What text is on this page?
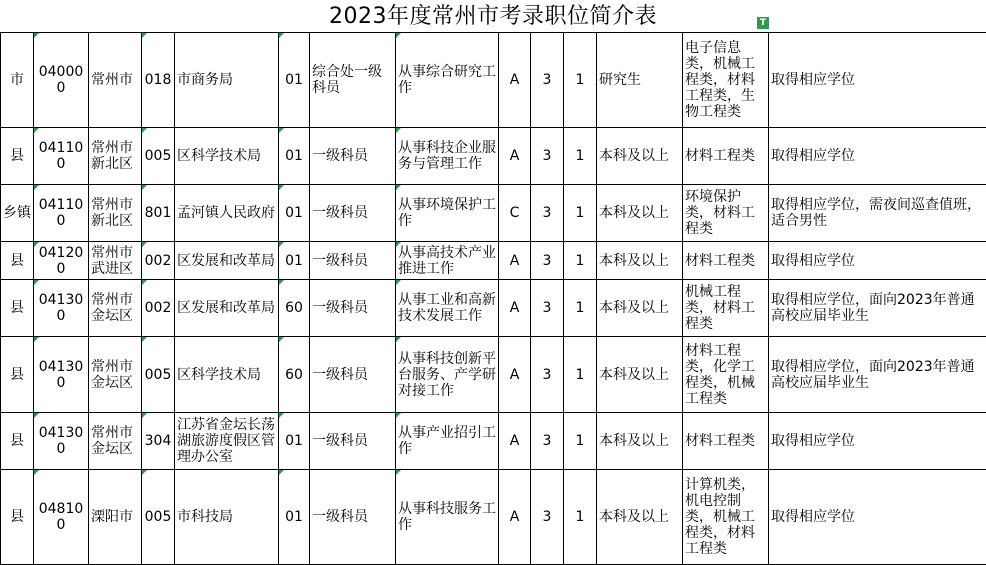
2023年度常州市考录职位简介表	T
市	040000	常州市	018	市商务局	01	综合处一级科员	从事综合研究工作	A	3	1	研究生	电子信息类，机械工程类，材料工程类，生物工程类	取得相应学位
县	041100	常州市新北区	005	区科学技术局	01	一级科员	从事科技企业服务与管理工作	A	3	1	本科及以上	材料工程类	取得相应学位
乡镇	041100	常州市新北区	801	孟河镇人民政府	01	一级科员	从事环境保护工作	C	3	1	本科及以上	环境保护类，材料工程类	取得相应学位，需夜间巡查值班，适合男性
县	041200	常州市武进区	002	区发展和改革局	01	一级科员	从事高技术产业推进工作	A	3	1	本科及以上	材料工程类	取得相应学位
县	041300	常州市金坛区	002	区发展和改革局	60	一级科员	从事工业和高新技术发展工作	A	3	1	本科及以上	机械工程类，材料工程类	取得相应学位，面向2023年普通高校应届毕业生
县	041300	常州市金坛区	005	区科学技术局	60	一级科员	从事科技创新平台服务、产学研对接工作	A	3	1	本科及以上	材料工程类，化学工程类，机械工程类	取得相应学位，面向2023年普通高校应届毕业生
县	041300	常州市金坛区	304	江苏省金坛长荡湖旅游度假区管理办公室	01	一级科员	从事产业招引工作	A	3	1	本科及以上	材料工程类	取得相应学位
县	048100	溧阳市	005	市科技局	01	一级科员	从事科技服务工作	A	3	1	本科及以上	计算机类，机电控制类，机械工程类，材料工程类	取得相应学位
